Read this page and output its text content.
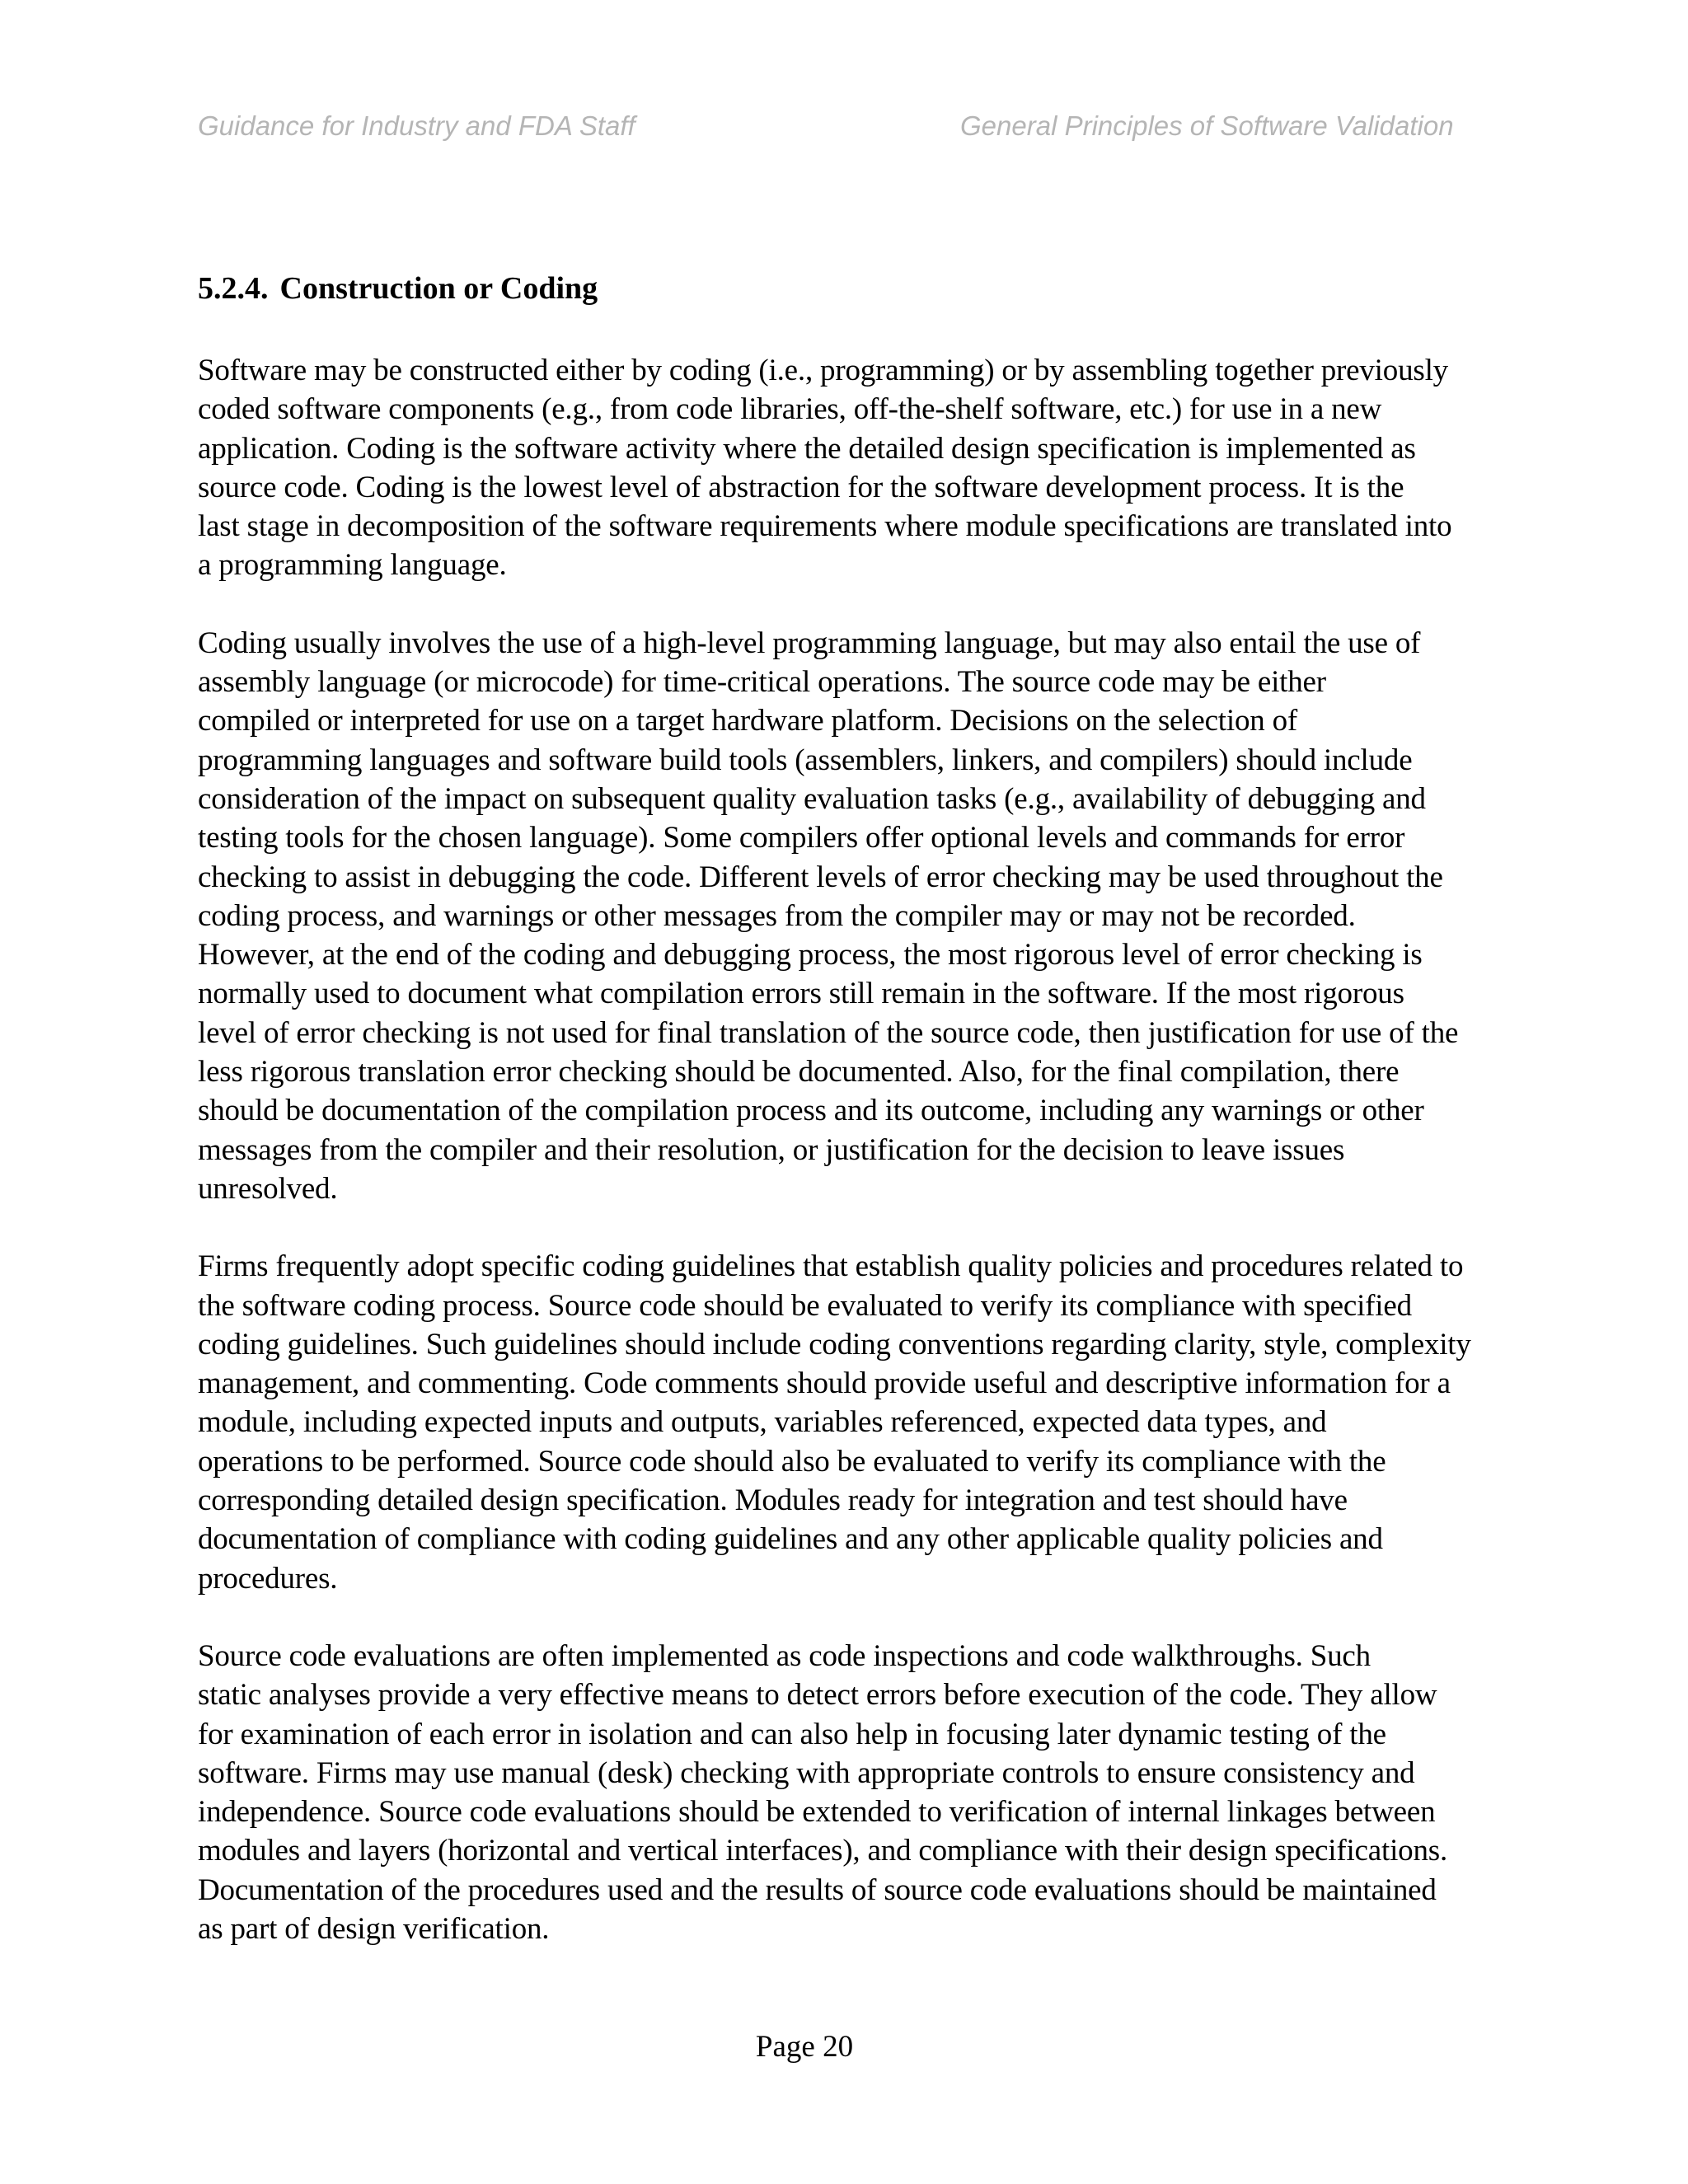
Guidance for Industry and FDA Staff	General Principles of Software Validation
5.2.4. Construction or Coding

Software may be constructed either by coding (i.e., programming) or by assembling together previously
coded software components (e.g., from code libraries, off-the-shelf software, etc.) for use in a new
application. Coding is the software activity where the detailed design specification is implemented as
source code. Coding is the lowest level of abstraction for the software development process. It is the
last stage in decomposition of the software requirements where module specifications are translated into
a programming language.

Coding usually involves the use of a high-level programming language, but may also entail the use of
assembly language (or microcode) for time-critical operations. The source code may be either
compiled or interpreted for use on a target hardware platform. Decisions on the selection of
programming languages and software build tools (assemblers, linkers, and compilers) should include
consideration of the impact on subsequent quality evaluation tasks (e.g., availability of debugging and
testing tools for the chosen language). Some compilers offer optional levels and commands for error
checking to assist in debugging the code. Different levels of error checking may be used throughout the
coding process, and warnings or other messages from the compiler may or may not be recorded.
However, at the end of the coding and debugging process, the most rigorous level of error checking is
normally used to document what compilation errors still remain in the software. If the most rigorous
level of error checking is not used for final translation of the source code, then justification for use of the
less rigorous translation error checking should be documented. Also, for the final compilation, there
should be documentation of the compilation process and its outcome, including any warnings or other
messages from the compiler and their resolution, or justification for the decision to leave issues
unresolved.

Firms frequently adopt specific coding guidelines that establish quality policies and procedures related to
the software coding process. Source code should be evaluated to verify its compliance with specified
coding guidelines. Such guidelines should include coding conventions regarding clarity, style, complexity
management, and commenting. Code comments should provide useful and descriptive information for a
module, including expected inputs and outputs, variables referenced, expected data types, and
operations to be performed. Source code should also be evaluated to verify its compliance with the
corresponding detailed design specification. Modules ready for integration and test should have
documentation of compliance with coding guidelines and any other applicable quality policies and
procedures.

Source code evaluations are often implemented as code inspections and code walkthroughs. Such
static analyses provide a very effective means to detect errors before execution of the code. They allow
for examination of each error in isolation and can also help in focusing later dynamic testing of the
software. Firms may use manual (desk) checking with appropriate controls to ensure consistency and
independence. Source code evaluations should be extended to verification of internal linkages between
modules and layers (horizontal and vertical interfaces), and compliance with their design specifications.
Documentation of the procedures used and the results of source code evaluations should be maintained
as part of design verification.

Page 20
